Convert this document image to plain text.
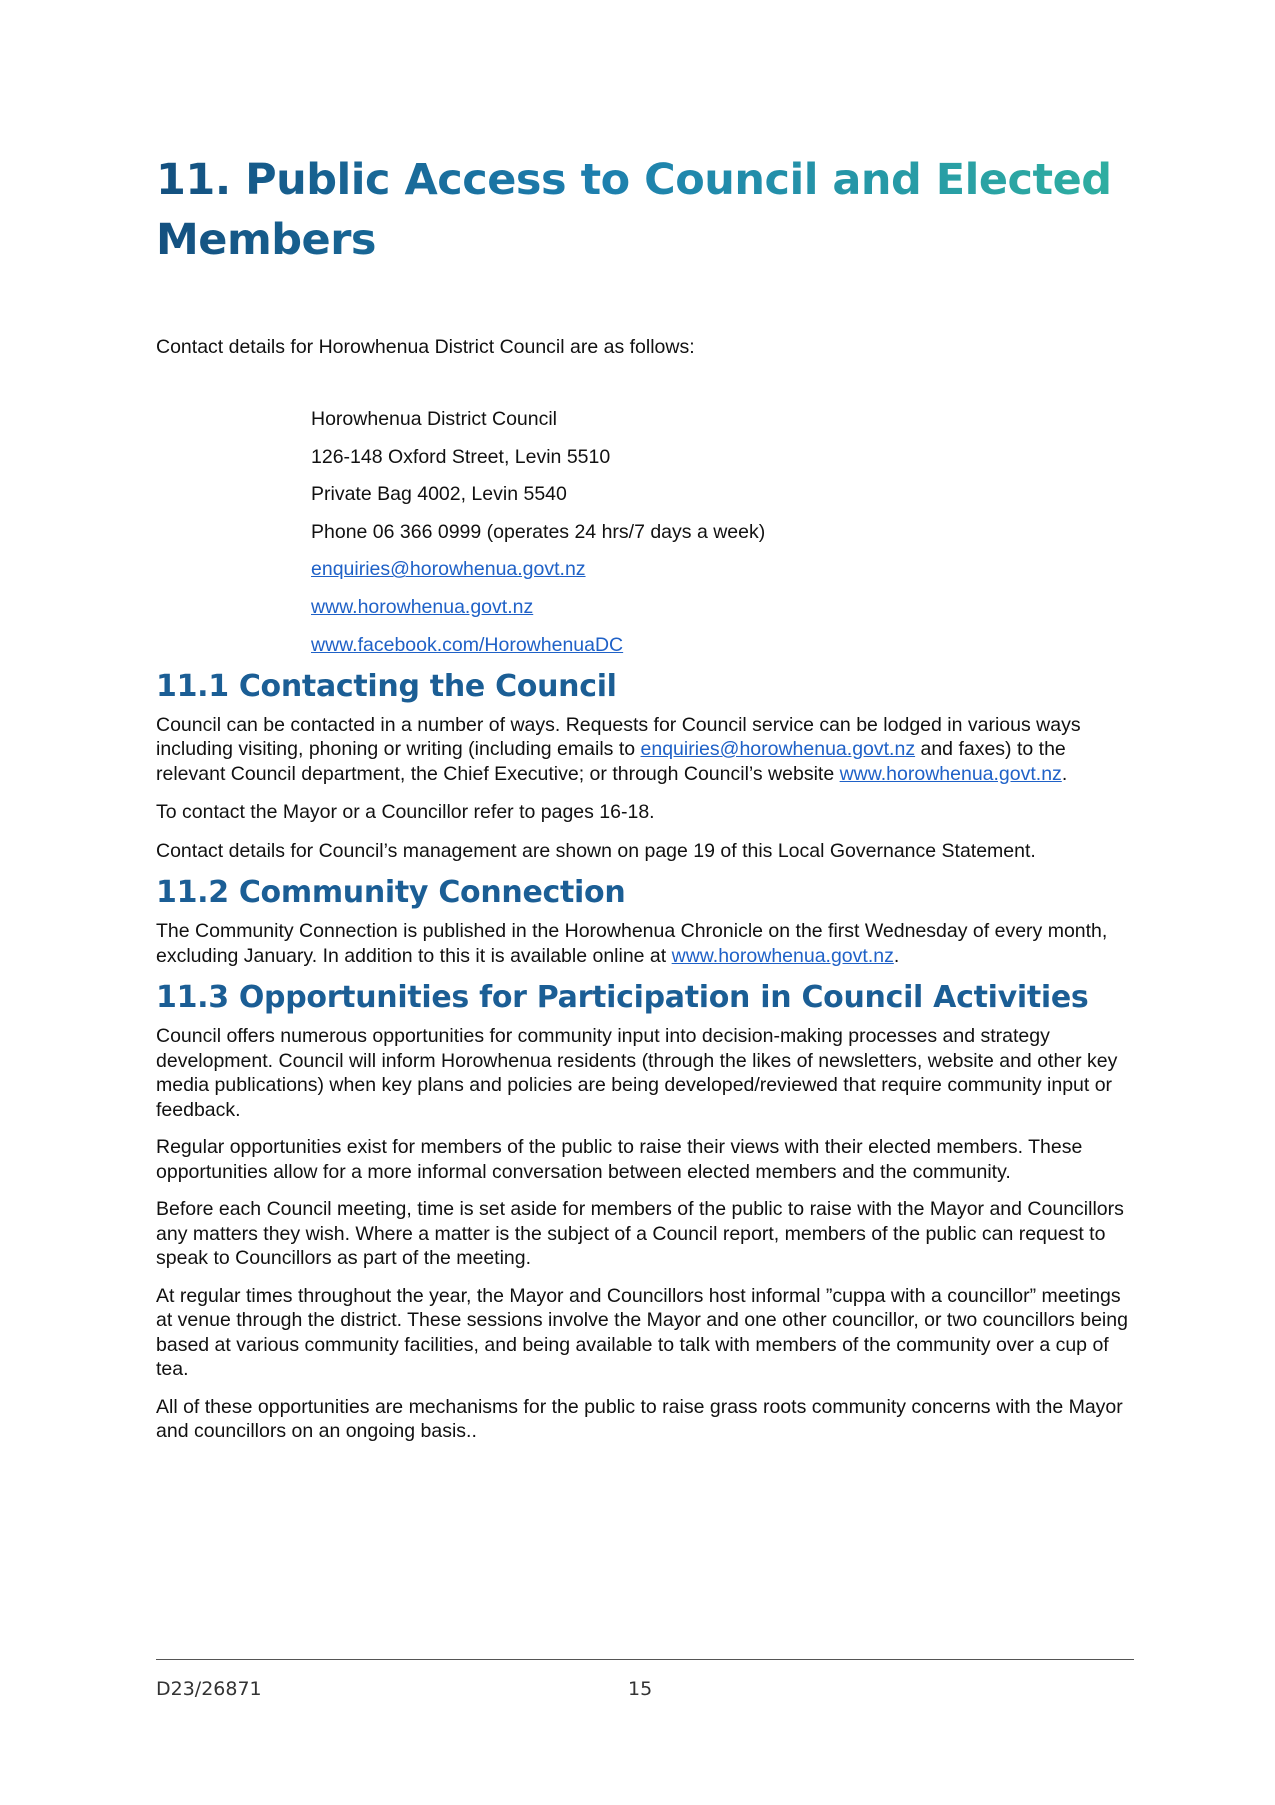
11. Public Access to Council and Elected Members

Contact details for Horowhenua District Council are as follows:

Horowhenua District Council
126-148 Oxford Street, Levin 5510
Private Bag 4002, Levin 5540
Phone 06 366 0999 (operates 24 hrs/7 days a week)
enquiries@horowhenua.govt.nz
www.horowhenua.govt.nz
www.facebook.com/HorowhenuaDC
11.1 Contacting the Council

Council can be contacted in a number of ways. Requests for Council service can be lodged in various ways including visiting, phoning or writing (including emails to enquiries@horowhenua.govt.nz and faxes) to the relevant Council department, the Chief Executive; or through Council’s website www.horowhenua.govt.nz.

To contact the Mayor or a Councillor refer to pages 16-18.

Contact details for Council’s management are shown on page 19 of this Local Governance Statement.

11.2 Community Connection

The Community Connection is published in the Horowhenua Chronicle on the first Wednesday of every month, excluding January. In addition to this it is available online at www.horowhenua.govt.nz.

11.3 Opportunities for Participation in Council Activities

Council offers numerous opportunities for community input into decision-making processes and strategy development. Council will inform Horowhenua residents (through the likes of newsletters, website and other key media publications) when key plans and policies are being developed/reviewed that require community input or feedback.

Regular opportunities exist for members of the public to raise their views with their elected members. These opportunities allow for a more informal conversation between elected members and the community.

Before each Council meeting, time is set aside for members of the public to raise with the Mayor and Councillors any matters they wish. Where a matter is the subject of a Council report, members of the public can request to speak to Councillors as part of the meeting.

At regular times throughout the year, the Mayor and Councillors host informal ”cuppa with a councillor” meetings at venue through the district. These sessions involve the Mayor and one other councillor, or two councillors being based at various community facilities, and being available to talk with members of the community over a cup of tea.

All of these opportunities are mechanisms for the public to raise grass roots community concerns with the Mayor and councillors on an ongoing basis..

D23/26871	15
